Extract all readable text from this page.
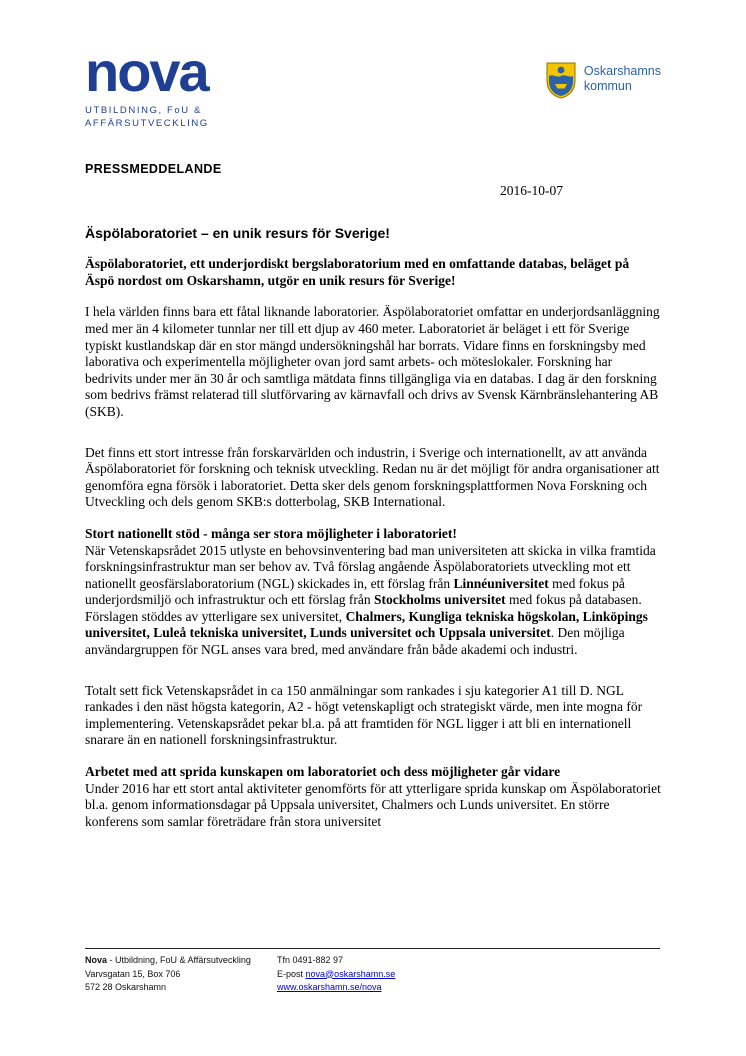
nova
UTBILDNING, FoU &
AFFÄRSUTVECKLING
Oskarshamns
kommun
PRESSMEDDELANDE
2016-10-07
Äspölaboratoriet – en unik resurs för Sverige!

Äspölaboratoriet, ett underjordiskt bergslaboratorium med en omfattande databas, beläget på Äspö nordost om Oskarshamn, utgör en unik resurs för Sverige!

I hela världen finns bara ett fåtal liknande laboratorier. Äspölaboratoriet omfattar en underjordsanläggning med mer än 4 kilometer tunnlar ner till ett djup av 460 meter. Laboratoriet är beläget i ett för Sverige typiskt kustlandskap där en stor mängd undersökningshål har borrats. Vidare finns en forskningsby med laborativa och experimentella möjligheter ovan jord samt arbets- och möteslokaler. Forskning har bedrivits under mer än 30 år och samtliga mätdata finns tillgängliga via en databas. I dag är den forskning som bedrivs främst relaterad till slutförvaring av kärnavfall och drivs av Svensk Kärnbränslehantering AB (SKB).

Det finns ett stort intresse från forskarvärlden och industrin, i Sverige och internationellt, av att använda Äspölaboratoriet för forskning och teknisk utveckling. Redan nu är det möjligt för andra organisationer att genomföra egna försök i laboratoriet. Detta sker dels genom forskningsplattformen Nova Forskning och Utveckling och dels genom SKB:s dotterbolag, SKB International.

Stort nationellt stöd - många ser stora möjligheter i laboratoriet!

När Vetenskapsrådet 2015 utlyste en behovsinventering bad man universiteten att skicka in vilka framtida forskningsinfrastruktur man ser behov av. Två förslag angående Äspölaboratoriets utveckling mot ett nationellt geosfärslaboratorium (NGL) skickades in, ett förslag från Linnéuniversitet med fokus på underjordsmiljö och infrastruktur och ett förslag från Stockholms universitet med fokus på databasen. Förslagen stöddes av ytterligare sex universitet, Chalmers, Kungliga tekniska högskolan, Linköpings universitet, Luleå tekniska universitet, Lunds universitet och Uppsala universitet. Den möjliga användargruppen för NGL anses vara bred, med användare från både akademi och industri.

Totalt sett fick Vetenskapsrådet in ca 150 anmälningar som rankades i sju kategorier A1 till D. NGL rankades i den näst högsta kategorin, A2 - högt vetenskapligt och strategiskt värde, men inte mogna för implementering. Vetenskapsrådet pekar bl.a. på att framtiden för NGL ligger i att bli en internationell snarare än en nationell forskningsinfrastruktur.

Arbetet med att sprida kunskapen om laboratoriet och dess möjligheter går vidare

Under 2016 har ett stort antal aktiviteter genomförts för att ytterligare sprida kunskap om Äspölaboratoriet bl.a. genom informationsdagar på Uppsala universitet, Chalmers och Lunds universitet. En större konferens som samlar företrädare från stora universitet

Nova - Utbildning, FoU & Affärsutveckling
Varvsgatan 15, Box 706
572 28 Oskarshamn
Tfn 0491-882 97
E-post nova@oskarshamn.se
www.oskarshamn.se/nova
